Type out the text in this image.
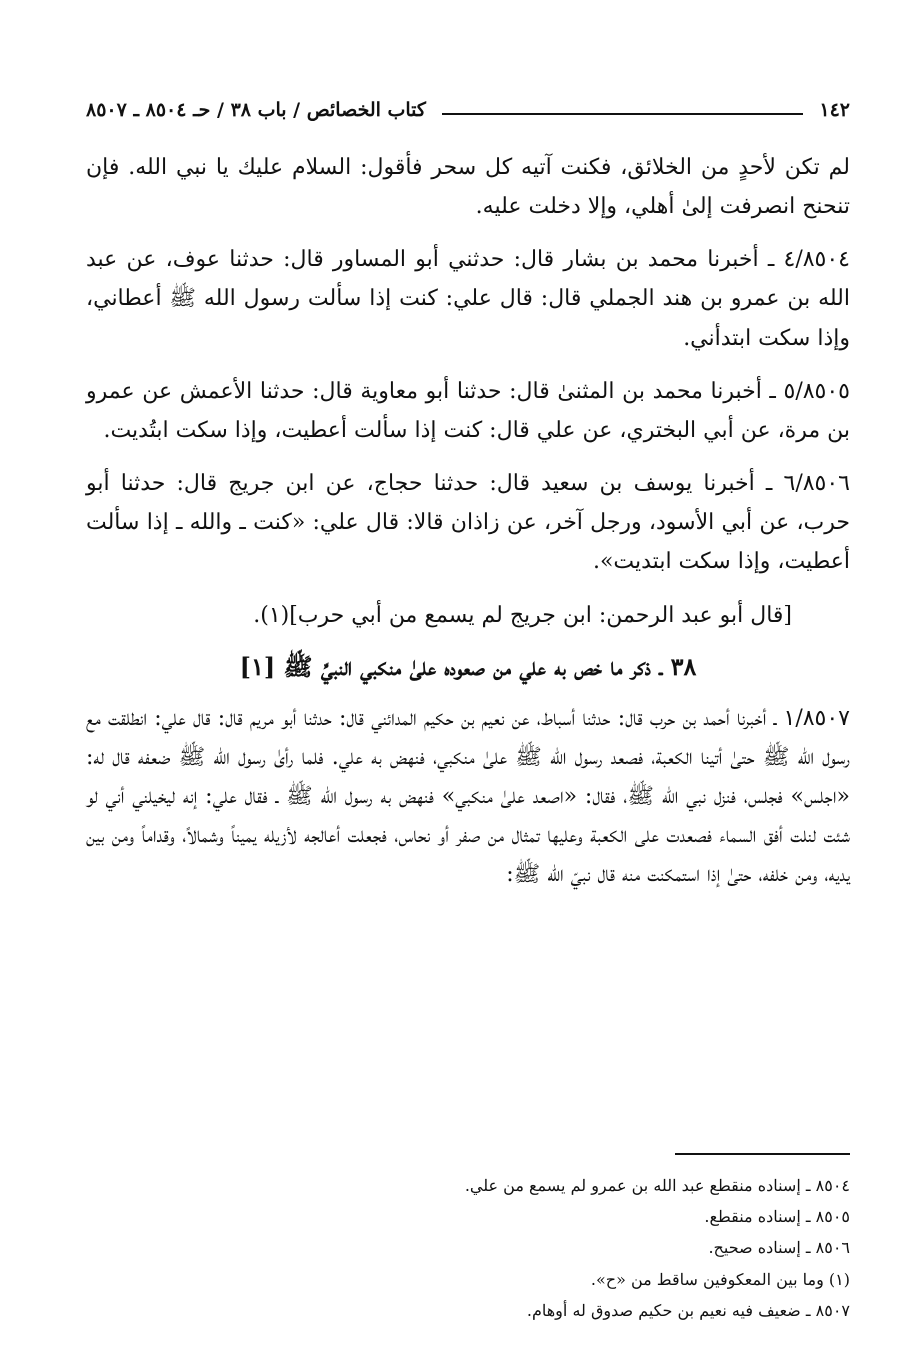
١٤٢
كتاب الخصائص / باب ٣٨ / حـ ٨٥٠٤ ـ ٨٥٠٧

لم تكن لأحدٍ من الخلائق، فكنت آتيه كل سحر فأقول: السلام عليك يا نبي الله. فإن تنحنح انصرفت إلىٰ أهلي، وإلا دخلت عليه.

٤/٨٥٠٤ ـ أخبرنا محمد بن بشار قال: حدثني أبو المساور قال: حدثنا عوف، عن عبد الله بن عمرو بن هند الجملي قال: قال علي: كنت إذا سألت رسول الله ﷺ أعطاني، وإذا سكت ابتدأني.

٥/٨٥٠٥ ـ أخبرنا محمد بن المثنىٰ قال: حدثنا أبو معاوية قال: حدثنا الأعمش عن عمرو بن مرة، عن أبي البختري، عن علي قال: كنت إذا سألت أعطيت، وإذا سكت ابتُديت.

٦/٨٥٠٦ ـ أخبرنا يوسف بن سعيد قال: حدثنا حجاج، عن ابن جريج قال: حدثنا أبو حرب، عن أبي الأسود، ورجل آخر، عن زاذان قالا: قال علي: «كنت ـ والله ـ إذا سألت أعطيت، وإذا سكت ابتديت».

[قال أبو عبد الرحمن: ابن جريج لم يسمع من أبي حرب](١).

٣٨ ـ ذكر ما خص به علي من صعوده علىٰ منكبي النبيِّ ﷺ [١]

١/٨٥٠٧ ـ أخبرنا أحمد بن حرب قال: حدثنا أسباط، عن نعيم بن حكيم المدائني قال: حدثنا أبو مريم قال: قال علي: انطلقت مع رسول الله ﷺ حتىٰ أتينا الكعبة، فصعد رسول الله ﷺ علىٰ منكبي، فنهض به علي. فلما رأىٰ رسول الله ﷺ ضعفه قال له: «اجلس» فجلس، فنزل نبي الله ﷺ، فقال: «اصعد علىٰ منكبي» فنهض به رسول الله ﷺ ـ فقال علي: إنه ليخيلني أني لو شئت لنلت أفق السماء فصعدت على الكعبة وعليها تمثال من صفر أو نحاس، فجعلت أعالجه لأزيله يميناً وشمالاً، وقداماً ومن بين يديه، ومن خلفه، حتىٰ إذا استمكنت منه قال نبيّ الله ﷺ:

٨٥٠٤ ـ إسناده منقطع عبد الله بن عمرو لم يسمع من علي.
٨٥٠٥ ـ إسناده منقطع.
٨٥٠٦ ـ إسناده صحيح.
(١) وما بين المعكوفين ساقط من «ح».
٨٥٠٧ ـ ضعيف فيه نعيم بن حكيم صدوق له أوهام.
